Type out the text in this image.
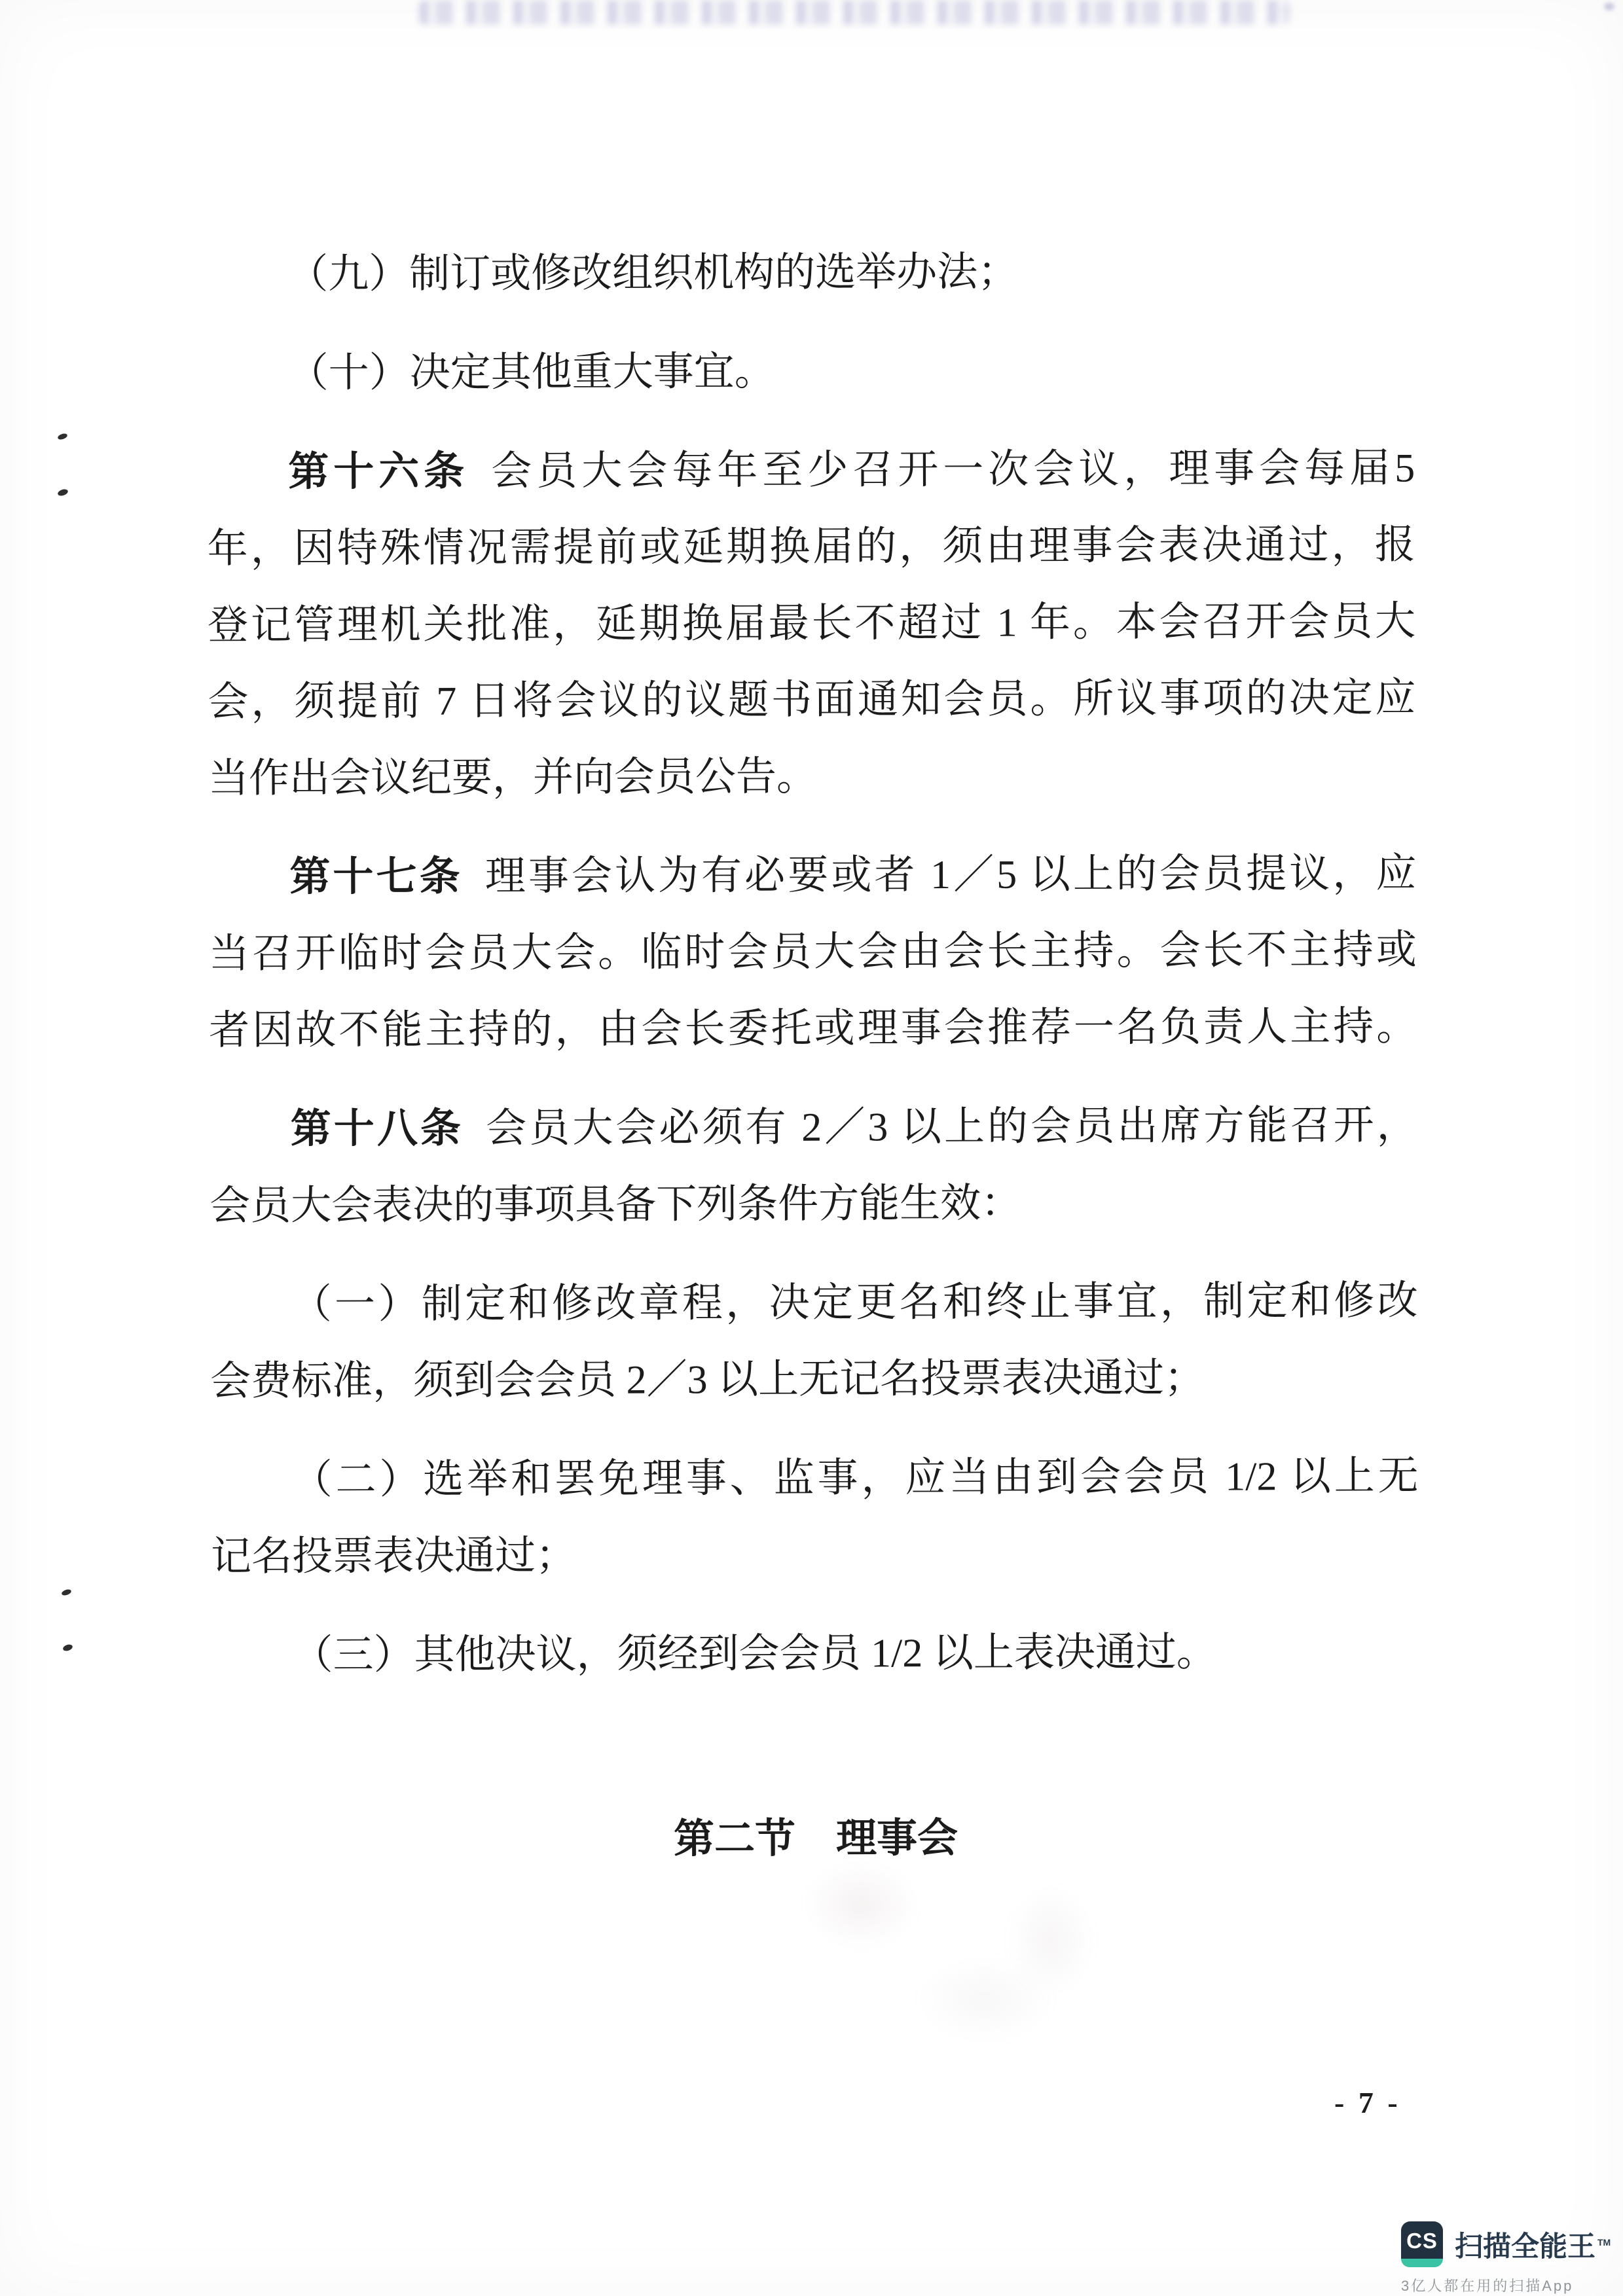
（九）制订或修改组织机构的选举办法；
（十）决定其他重大事宜。
第十六条 会员大会每年至少召开一次会议，理事会每届5
年，因特殊情况需提前或延期换届的，须由理事会表决通过，报
登记管理机关批准，延期换届最长不超过 1 年。本会召开会员大
会，须提前 7 日将会议的议题书面通知会员。所议事项的决定应
当作出会议纪要，并向会员公告。
第十七条 理事会认为有必要或者 1／5 以上的会员提议，应
当召开临时会员大会。临时会员大会由会长主持。会长不主持或
者因故不能主持的，由会长委托或理事会推荐一名负责人主持。
第十八条 会员大会必须有 2／3 以上的会员出席方能召开，
会员大会表决的事项具备下列条件方能生效：
（一）制定和修改章程，决定更名和终止事宜，制定和修改
会费标准，须到会会员 2／3 以上无记名投票表决通过；
（二）选举和罢免理事、监事，应当由到会会员 1/2 以上无
记名投票表决通过；
（三）其他决议，须经到会会员 1/2 以上表决通过。
第二节　理事会
- 7 -
CS 扫描全能王 ™
3亿人都在用的扫描App
